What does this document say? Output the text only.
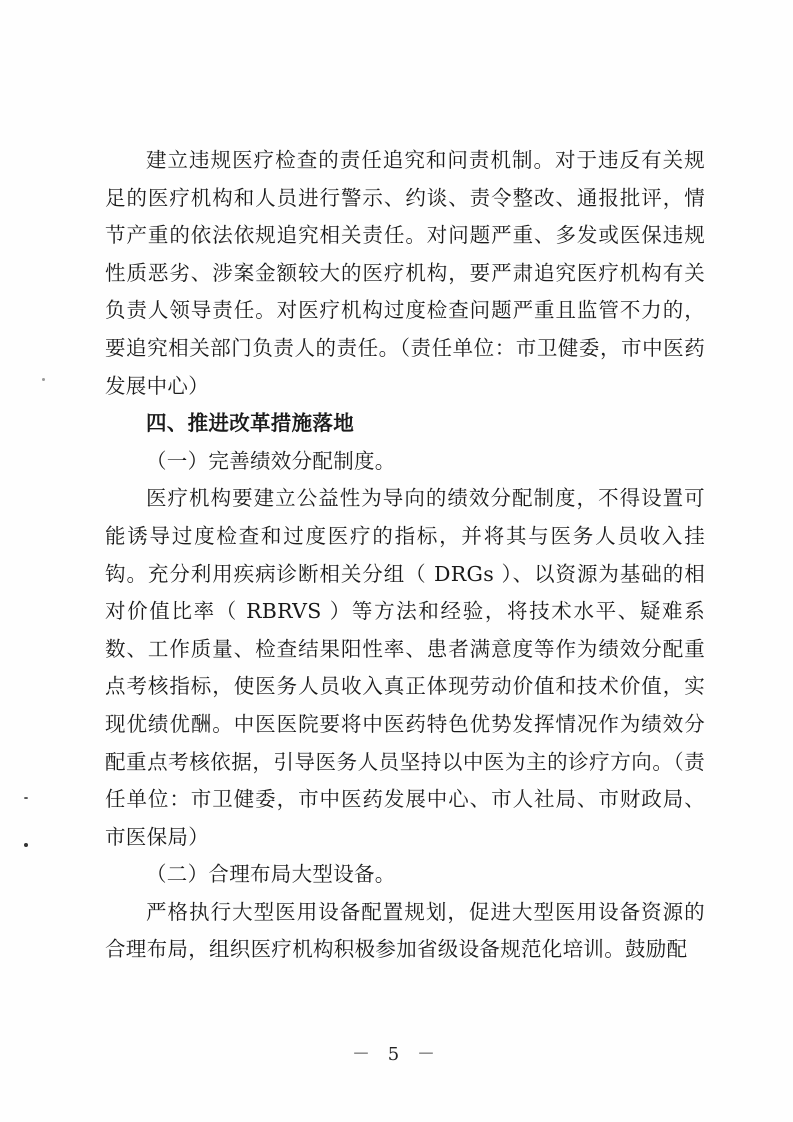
建立违规医疗检查的责任追究和问责机制。对于违反有关规足的医疗机构和人员进行警示、约谈、责令整改、通报批评，情节产重的依法依规追究相关责任。对问题严重、多发或医保违规性质恶劣、涉案金额较大的医疗机构，要严肃追究医疗机构有关负责人领导责任。对医疗机构过度检查问题严重且监管不力的，要追究相关部门负责人的责任。（责任单位：市卫健委，市中医药发展中心）

四、推进改革措施落地

（一）完善绩效分配制度。

医疗机构要建立公益性为导向的绩效分配制度，不得设置可能诱导过度检查和过度医疗的指标，并将其与医务人员收入挂钩。充分利用疾病诊断相关分组（ DRGs ）、以资源为基础的相对价值比率（ RBRVS ）等方法和经验，将技术水平、疑难系数、工作质量、检查结果阳性率、患者满意度等作为绩效分配重点考核指标，使医务人员收入真正体现劳动价值和技术价值，实现优绩优酬。中医医院要将中医药特色优势发挥情况作为绩效分配重点考核依据，引导医务人员坚持以中医为主的诊疗方向。（责任单位：市卫健委，市中医药发展中心、市人社局、市财政局、市医保局）

（二）合理布局大型设备。

严格执行大型医用设备配置规划，促进大型医用设备资源的合理布局，组织医疗机构积极参加省级设备规范化培训。鼓励配

－ 5 －
